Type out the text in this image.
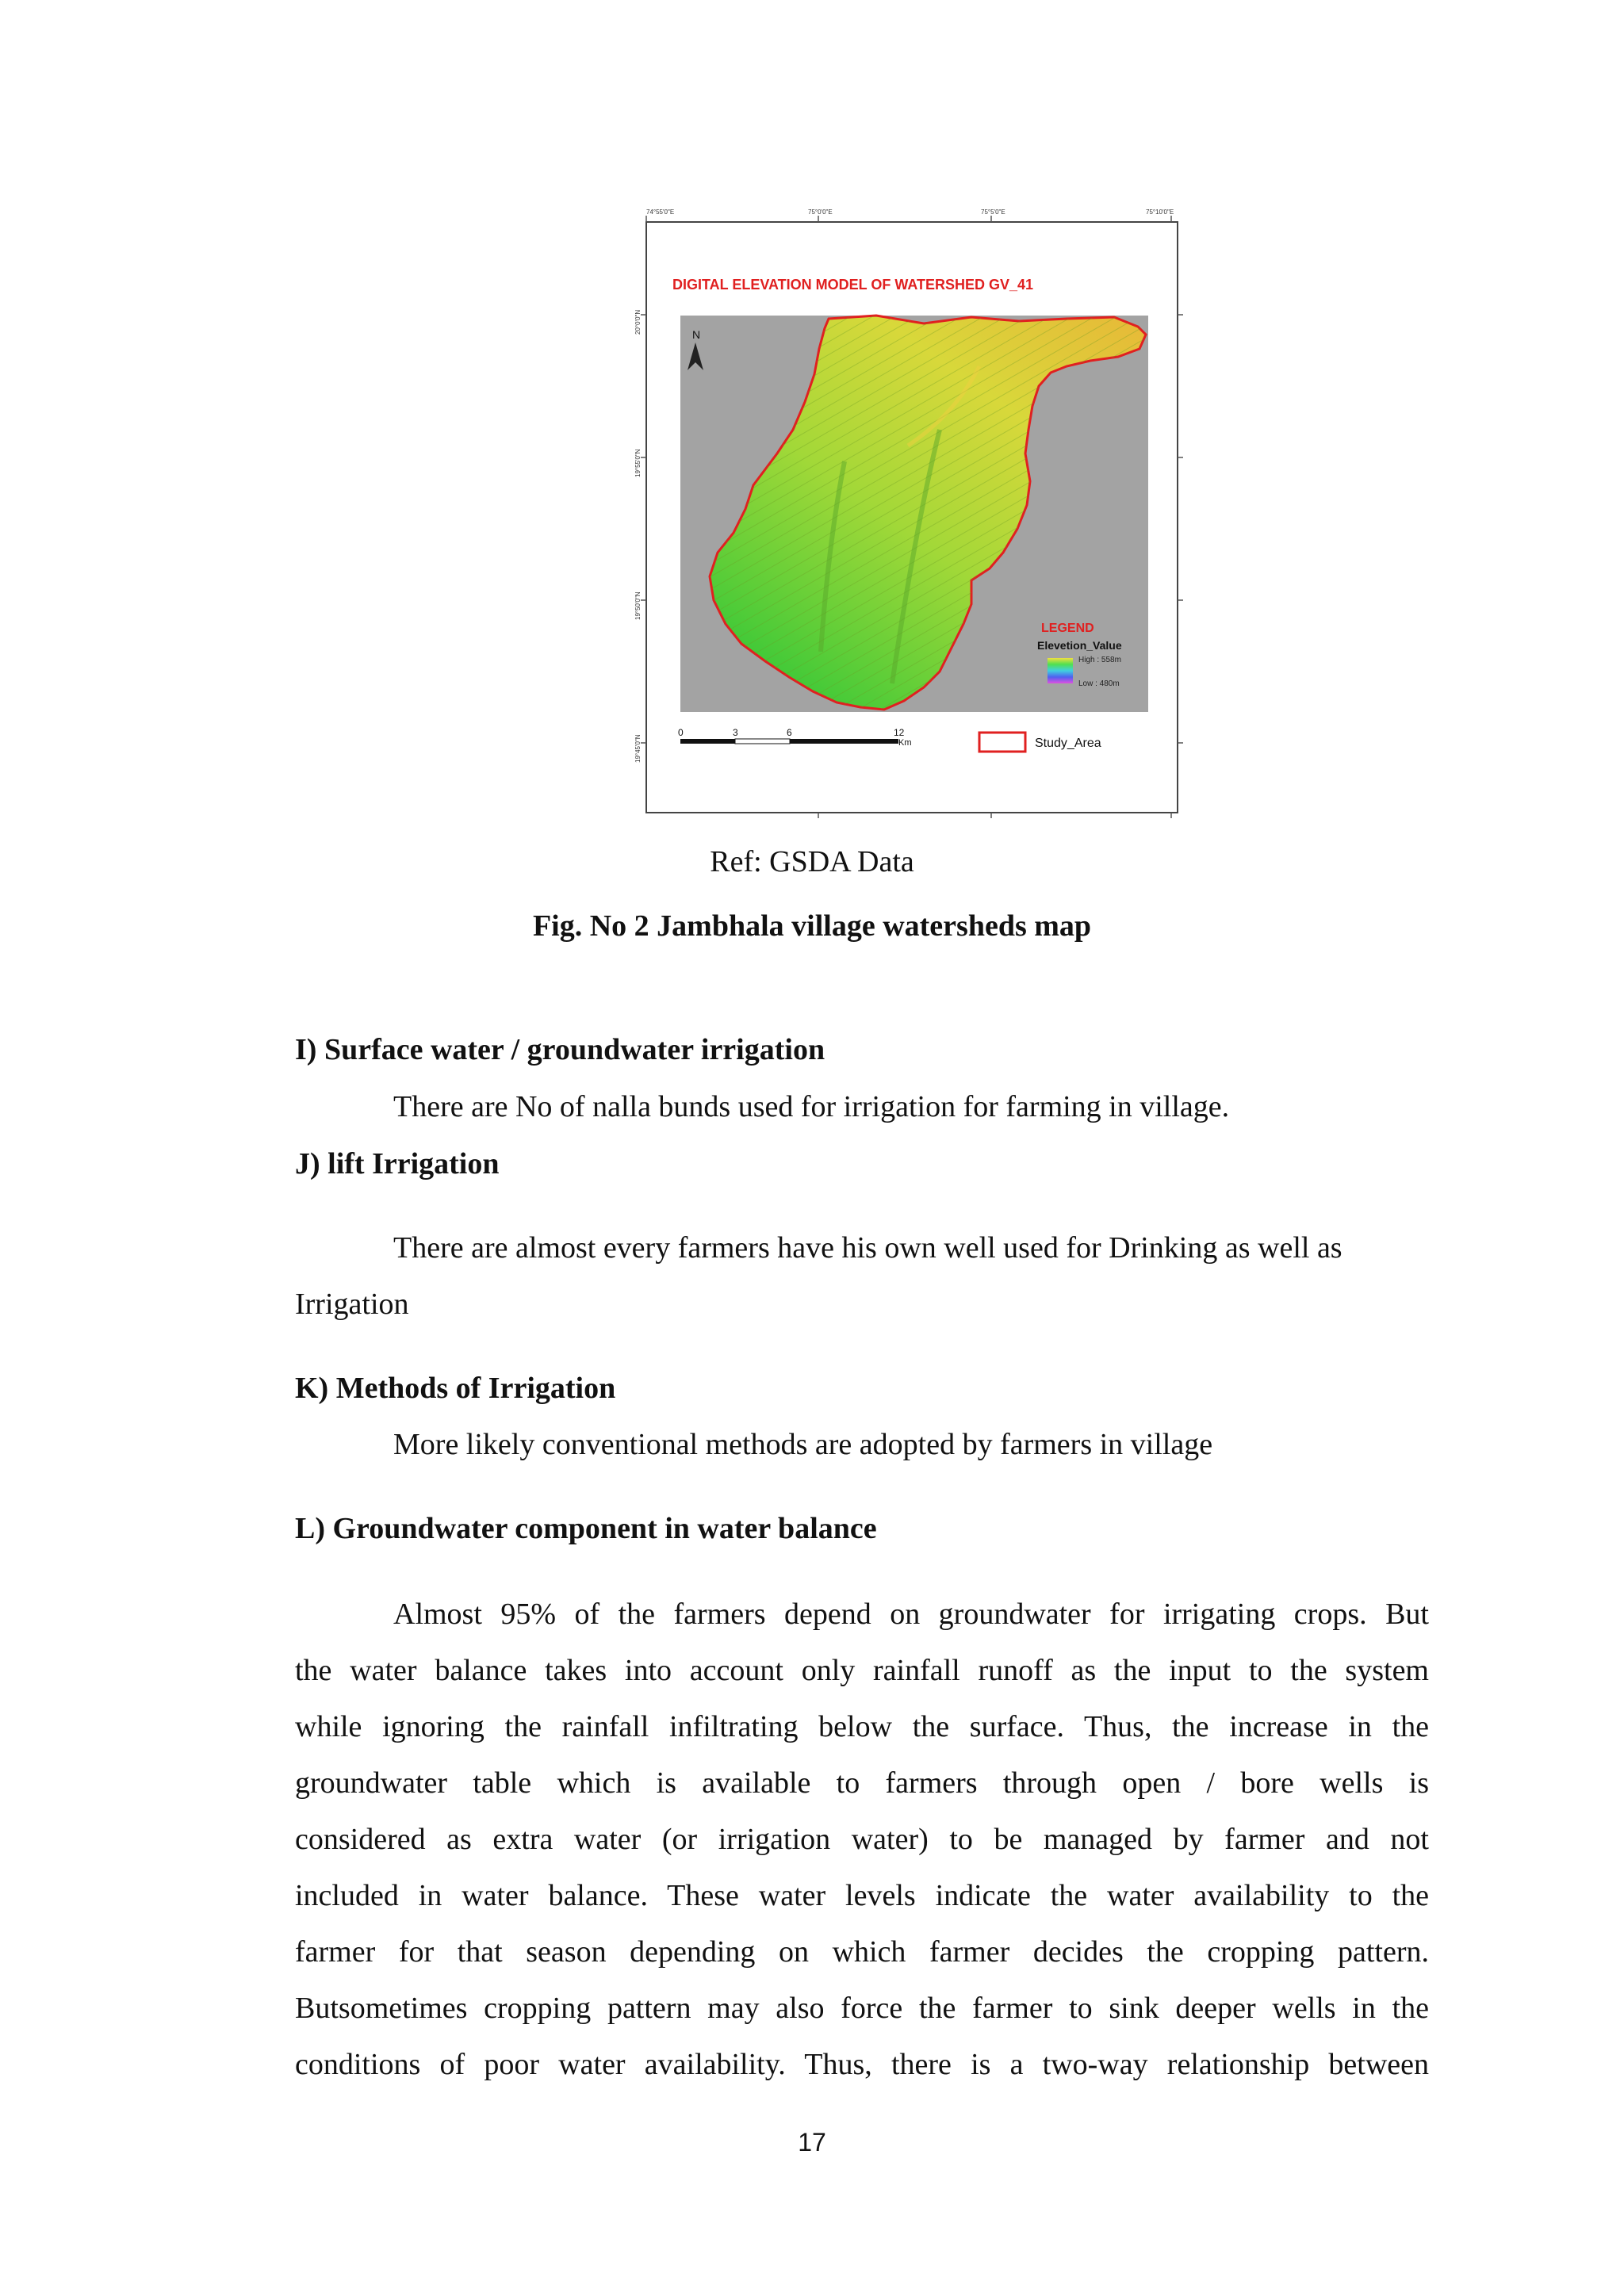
74°55'0"E	75°0'0"E	75°5'0"E	75°10'0"E
20°0'0"N
19°55'0"N
19°50'0"N
19°45'0"N
DIGITAL ELEVATION MODEL OF WATERSHED GV_41
N
LEGEND
Elevetion_Value
High : 558m
Low : 480m
0	3	6	12
Km	Study_Area
Ref: GSDA Data
Fig. No 2 Jambhala village watersheds map
I) Surface water / groundwater irrigation
There are No of nalla bunds used for irrigation for farming in village.
J) lift Irrigation
There are almost every farmers have his own well used for Drinking as well as
Irrigation
K) Methods of Irrigation
More likely conventional methods are adopted by farmers in village
L) Groundwater component in water balance
Almost 95% of the farmers depend on groundwater for irrigating crops. But
the water balance takes into account only rainfall runoff as the input to the system
while ignoring the rainfall infiltrating below the surface. Thus, the increase in the
groundwater table which is available to farmers through open / bore wells is
considered as extra water (or irrigation water) to be managed by farmer and not
included in water balance. These water levels indicate the water availability to the
farmer for that season depending on which farmer decides the cropping pattern.
Butsometimes cropping pattern may also force the farmer to sink deeper wells in the
conditions of poor water availability. Thus, there is a two-way relationship between
17
